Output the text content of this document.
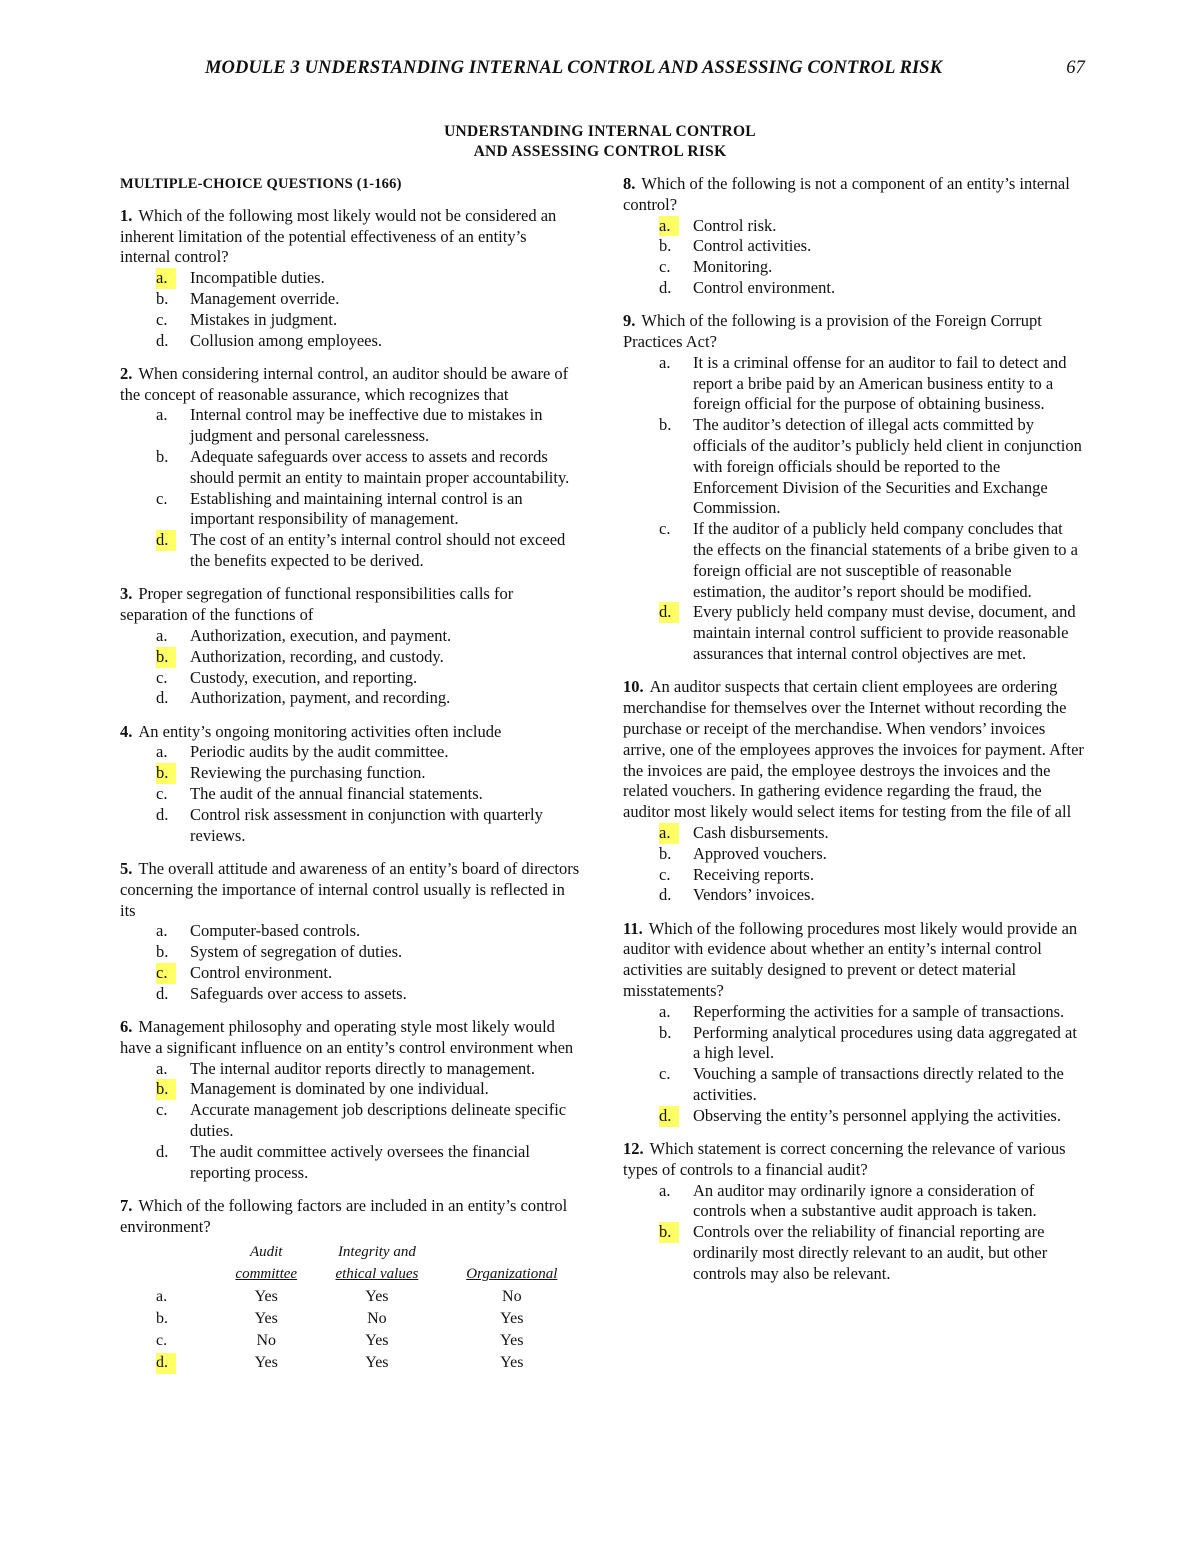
MODULE 3 UNDERSTANDING INTERNAL CONTROL AND ASSESSING CONTROL RISK	67
UNDERSTANDING INTERNAL CONTROL
AND ASSESSING CONTROL RISK
MULTIPLE-CHOICE QUESTIONS (1-166)

1. Which of the following most likely would not be considered an inherent limitation of the potential effectiveness of an entity’s internal control?

a.	Incompatible duties.

b.	Management override.

c.	Mistakes in judgment.

d.	Collusion among employees.

2. When considering internal control, an auditor should be aware of the concept of reasonable assurance, which recognizes that

a.	Internal control may be ineffective due to mistakes in judgment and personal carelessness.

b.	Adequate safeguards over access to assets and records should permit an entity to maintain proper accountability.

c.	Establishing and maintaining internal control is an important responsibility of management.

d.	The cost of an entity’s internal control should not exceed the benefits expected to be derived.

3. Proper segregation of functional responsibilities calls for separation of the functions of

a.	Authorization, execution, and payment.

b.	Authorization, recording, and custody.

c.	Custody, execution, and reporting.

d.	Authorization, payment, and recording.

4. An entity’s ongoing monitoring activities often include

a.	Periodic audits by the audit committee.

b.	Reviewing the purchasing function.

c.	The audit of the annual financial statements.

d.	Control risk assessment in conjunction with quarterly reviews.

5. The overall attitude and awareness of an entity’s board of directors concerning the importance of internal control usually is reflected in its

a.	Computer-based controls.

b.	System of segregation of duties.

c.	Control environment.

d.	Safeguards over access to assets.

6. Management philosophy and operating style most likely would have a significant influence on an entity’s control environment when

a.	The internal auditor reports directly to management.

b.	Management is dominated by one individual.

c.	Accurate management job descriptions delineate specific duties.

d.	The audit committee actively oversees the financial reporting process.

7. Which of the following factors are included in an entity’s control environment?

	Audit	Integrity and	
	committee	ethical values	Organizational
a.	Yes	Yes	No
b.	Yes	No	Yes
c.	No	Yes	Yes
d.	Yes	Yes	Yes

8. Which of the following is not a component of an entity’s internal control?

a.	Control risk.

b.	Control activities.

c.	Monitoring.

d.	Control environment.

9. Which of the following is a provision of the Foreign Corrupt Practices Act?

a.	It is a criminal offense for an auditor to fail to detect and report a bribe paid by an American business entity to a foreign official for the purpose of obtaining business.

b.	The auditor’s detection of illegal acts committed by officials of the auditor’s publicly held client in conjunction with foreign officials should be reported to the Enforcement Division of the Securities and Exchange Commission.

c.	If the auditor of a publicly held company concludes that the effects on the financial statements of a bribe given to a foreign official are not susceptible of reasonable estimation, the auditor’s report should be modified.

d.	Every publicly held company must devise, document, and maintain internal control sufficient to provide reasonable assurances that internal control objectives are met.

10. An auditor suspects that certain client employees are ordering merchandise for themselves over the Internet without recording the purchase or receipt of the merchandise. When vendors’ invoices arrive, one of the employees approves the invoices for payment. After the invoices are paid, the employee destroys the invoices and the related vouchers. In gathering evidence regarding the fraud, the auditor most likely would select items for testing from the file of all

a.	Cash disbursements.

b.	Approved vouchers.

c.	Receiving reports.

d.	Vendors’ invoices.

11. Which of the following procedures most likely would provide an auditor with evidence about whether an entity’s internal control activities are suitably designed to prevent or detect material misstatements?

a.	Reperforming the activities for a sample of transactions.

b.	Performing analytical procedures using data aggregated at a high level.

c.	Vouching a sample of transactions directly related to the activities.

d.	Observing the entity’s personnel applying the activities.

12. Which statement is correct concerning the relevance of various types of controls to a financial audit?

a.	An auditor may ordinarily ignore a consideration of controls when a substantive audit approach is taken.

b.	Controls over the reliability of financial reporting are ordinarily most directly relevant to an audit, but other controls may also be relevant.
